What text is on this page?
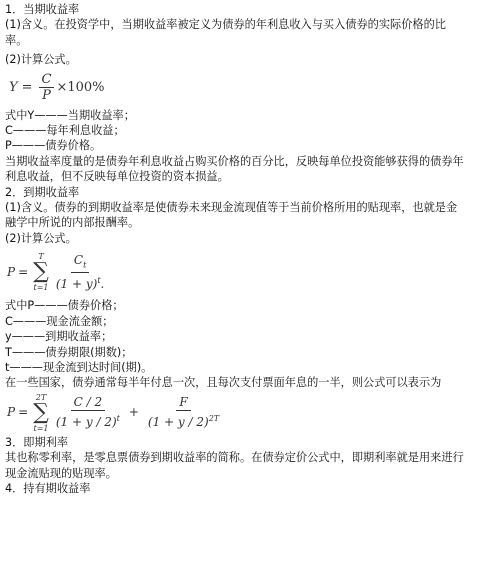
1．当期收益率

(1)含义。在投资学中，当期收益率被定义为债券的年利息收入与买入债券的实际价格的比

率。

(2)计算公式。

$Y = \frac{C}{P} \times 100\%$

式中Y———当期收益率；

C———每年利息收益；

P———债券价格。

当期收益率度量的是债券年利息收益占购买价格的百分比，反映每单位投资能够获得的债券年

利息收益，但不反映每单位投资的资本损益。

2．到期收益率

(1)含义。债券的到期收益率是使债券未来现金流现值等于当前价格所用的贴现率，也就是金

融学中所说的内部报酬率。

(2)计算公式。

P =
T
∑
$t=1 \frac{C_t}{(1 + y)^t.}$

式中P———债券价格；

C———现金流金额；

y———到期收益率；

T———债券期限(期数)；

t———现金流到达时间(期)。

在一些国家，债券通常每半年付息一次，且每次支付票面年息的一半，则公式可以表示为

P =
2T
∑
$t=1 \frac{C / 2}{(1 + y / 2)^t} + \frac{F}{(1 + y / 2)^{2T}}$

3．即期利率

其也称零利率，是零息票债券到期收益率的简称。在债券定价公式中，即期利率就是用来进行

现金流贴现的贴现率。

4．持有期收益率
